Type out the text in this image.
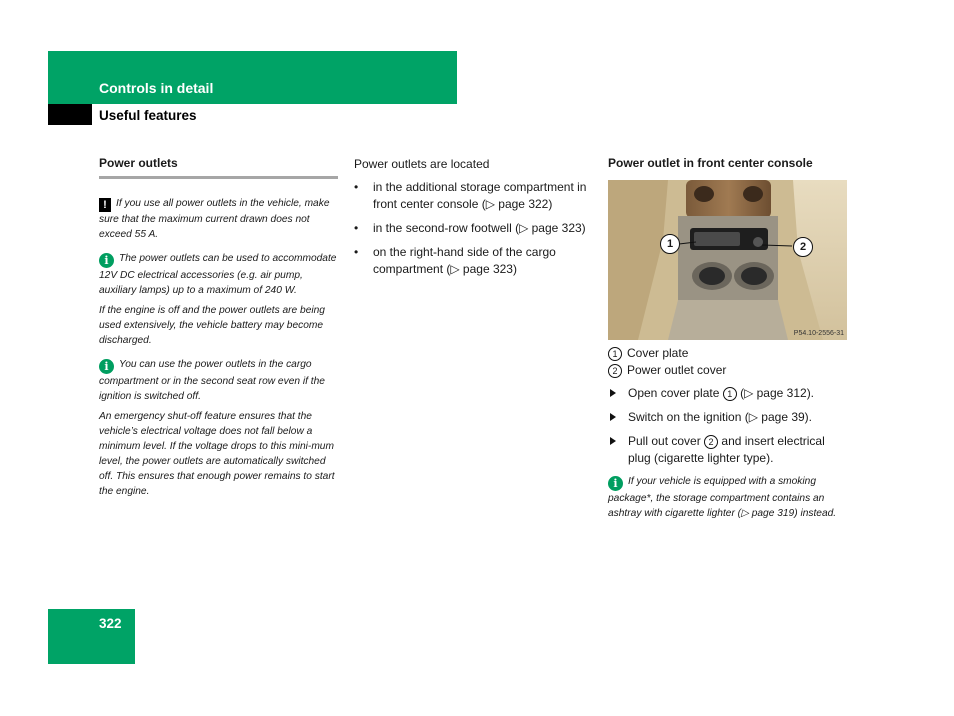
Controls in detail
Useful features

Power outlets

! If you use all power outlets in the vehicle, make sure that the maximum current drawn does not exceed 55 A.

i The power outlets can be used to accommodate 12V DC electrical accessories (e.g. air pump, auxiliary lamps) up to a maximum of 240 W.

If the engine is off and the power outlets are being used extensively, the vehicle battery may become discharged.

i You can use the power outlets in the cargo compartment or in the second seat row even if the ignition is switched off.

An emergency shut-off feature ensures that the vehicle’s electrical voltage does not fall below a minimum level. If the voltage drops to this mini-mum level, the power outlets are automatically switched off. This ensures that enough power remains to start the engine.

Power outlets are located

• in the additional storage compartment in front center console (▷ page 322)
• in the second-row footwell (▷ page 323)
• on the right-hand side of the cargo compartment (▷ page 323)

Power outlet in front center console

1	2
P54.10-2556-31

1 Cover plate

2 Power outlet cover

Open cover plate 1 (▷ page 312).
Switch on the ignition (▷ page 39).
Pull out cover 2 and insert electrical plug (cigarette lighter type).

i If your vehicle is equipped with a smoking package*, the storage compartment contains an ashtray with cigarette lighter (▷ page 319) instead.

322
